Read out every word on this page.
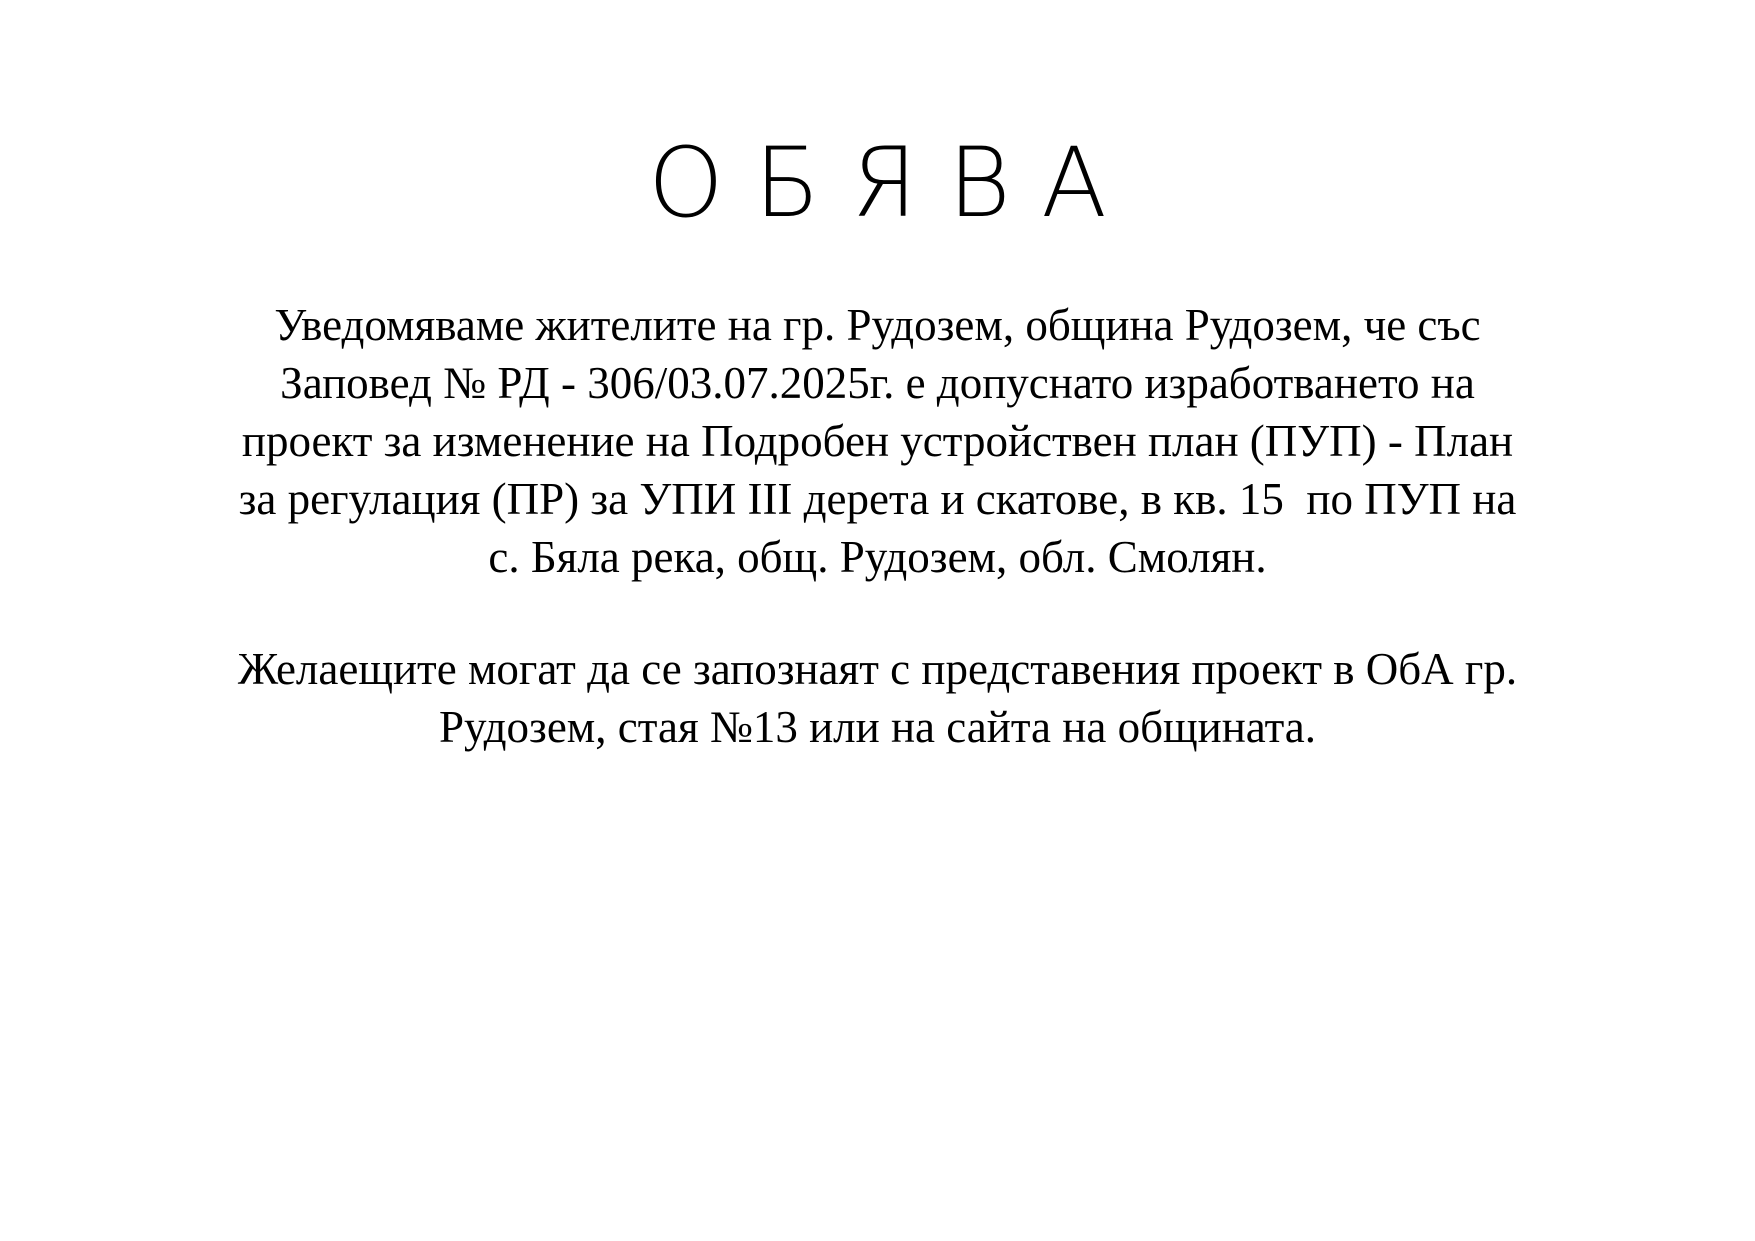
О Б Я В А
Уведомяваме жителите на гр. Рудозем, община Рудозем, че със
Заповед № РД - 306/03.07.2025г. е допуснато изработването на
проект за изменение на Подробен устройствен план (ПУП) - План
за регулация (ПР) за УПИ III дерета и скатове, в кв. 15  по ПУП на
с. Бяла река, общ. Рудозем, обл. Смолян.
Желаещите могат да се запознаят с представения проект в ОбА гр.
Рудозем, стая №13 или на сайта на общината.
